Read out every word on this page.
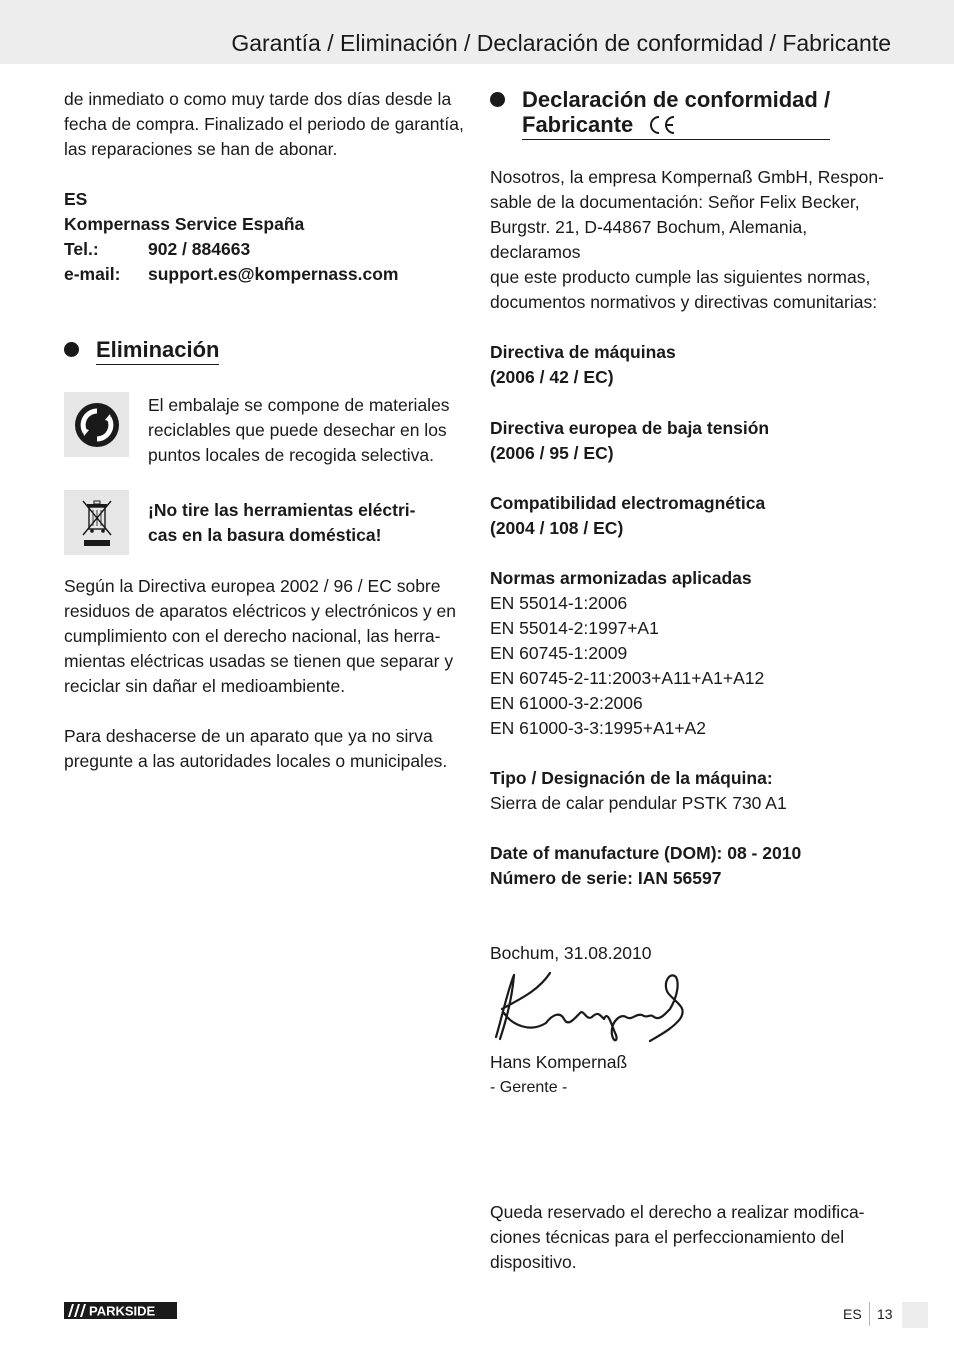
Garantía / Eliminación / Declaración de conformidad / Fabricante

de inmediato o como muy tarde dos días desde la
fecha de compra. Finalizado el periodo de garantía,
las reparaciones se han de abonar.

ES
Kompernass Service España
Tel.:	902 / 884663
e-mail:	support.es@kompernass.com
Eliminación

El embalaje se compone de materiales
reciclables que puede desechar en los
puntos locales de recogida selectiva.

¡No tire las herramientas eléctri-
cas en la basura doméstica!

Según la Directiva europea 2002 / 96 / EC sobre
residuos de aparatos eléctricos y electrónicos y en
cumplimiento con el derecho nacional, las herra-
mientas eléctricas usadas se tienen que separar y
reciclar sin dañar el medioambiente.

Para deshacerse de un aparato que ya no sirva
pregunte a las autoridades locales o municipales.

Declaración de conformidad /
Fabricante

Nosotros, la empresa Kompernaß GmbH, Respon-
sable de la documentación: Señor Felix Becker,
Burgstr. 21, D-44867 Bochum, Alemania, declaramos
que este producto cumple las siguientes normas,
documentos normativos y directivas comunitarias:

Directiva de máquinas
(2006 / 42 / EC)

Directiva europea de baja tensión
(2006 / 95 / EC)

Compatibilidad electromagnética
(2004 / 108 / EC)

Normas armonizadas aplicadas
EN 55014-1:2006
EN 55014-2:1997+A1
EN 60745-1:2009
EN 60745-2-11:2003+A11+A1+A12
EN 61000-3-2:2006
EN 61000-3-3:1995+A1+A2
Tipo / Designación de la máquina:
Sierra de calar pendular PSTK 730 A1
Date of manufacture (DOM): 08 - 2010
Número de serie: IAN 56597
Bochum, 31.08.2010
Hans Kompernaß
- Gerente -

Queda reservado el derecho a realizar modifica-
ciones técnicas para el perfeccionamiento del
dispositivo.

PARKSIDE	ES 13
